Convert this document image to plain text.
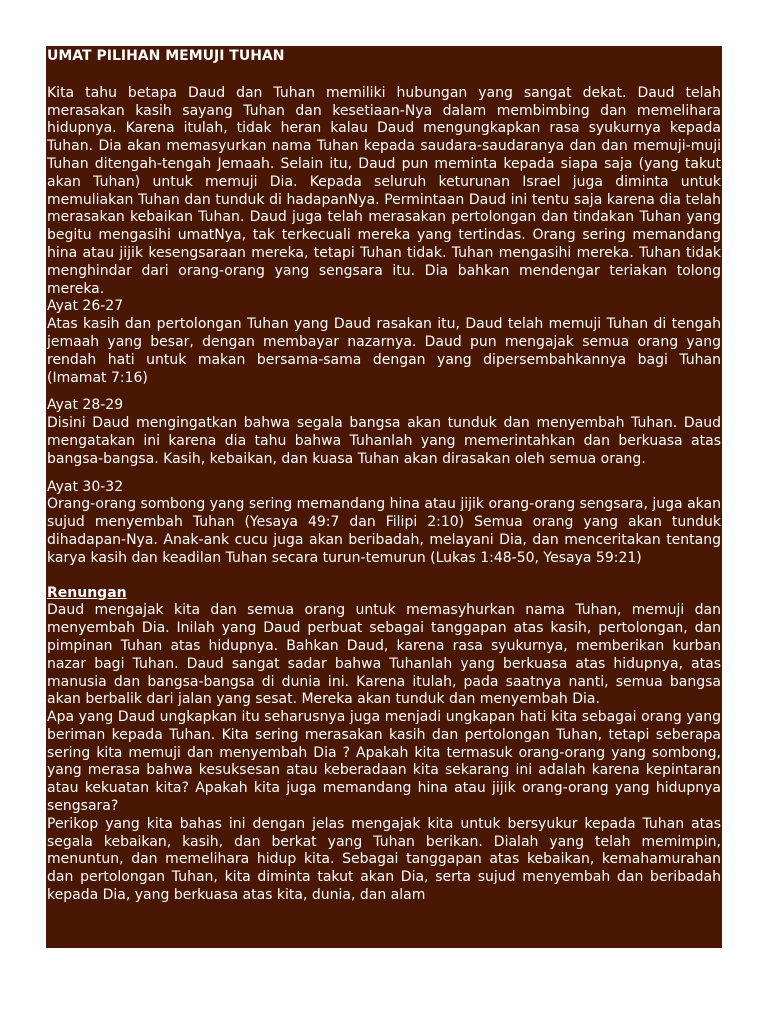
UMAT PILIHAN MEMUJI TUHAN

Kita tahu betapa Daud dan Tuhan memiliki hubungan yang sangat dekat. Daud telah merasakan kasih sayang Tuhan dan kesetiaan-Nya dalam membimbing dan memelihara hidupnya. Karena itulah, tidak heran kalau Daud mengungkapkan rasa syukurnya kepada Tuhan. Dia akan memasyurkan nama Tuhan kepada saudara-saudaranya dan dan memuji-muji Tuhan ditengah-tengah Jemaah. Selain itu, Daud pun meminta kepada siapa saja (yang takut akan Tuhan) untuk memuji Dia. Kepada seluruh keturunan Israel juga diminta untuk memuliakan Tuhan dan tunduk di hadapanNya. Permintaan Daud ini tentu saja karena dia telah merasakan kebaikan Tuhan. Daud juga telah merasakan pertolongan dan tindakan Tuhan yang begitu mengasihi umatNya, tak terkecuali mereka yang tertindas. Orang sering memandang hina atau jijik kesengsaraan mereka, tetapi Tuhan tidak. Tuhan mengasihi mereka. Tuhan tidak menghindar dari orang-orang yang sengsara itu. Dia bahkan mendengar teriakan tolong mereka.

Ayat 26-27

Atas kasih dan pertolongan Tuhan yang Daud rasakan itu, Daud telah memuji Tuhan di tengah jemaah yang besar, dengan membayar nazarnya. Daud pun mengajak semua orang yang rendah hati untuk makan bersama-sama dengan yang dipersembahkannya bagi Tuhan (Imamat 7:16)

Ayat 28-29

Disini Daud mengingatkan bahwa segala bangsa akan tunduk dan menyembah Tuhan. Daud mengatakan ini karena dia tahu bahwa Tuhanlah yang memerintahkan dan berkuasa atas bangsa-bangsa. Kasih, kebaikan, dan kuasa Tuhan akan dirasakan oleh semua orang.

Ayat 30-32

Orang-orang sombong yang sering memandang hina atau jijik orang-orang sengsara, juga akan sujud menyembah Tuhan (Yesaya 49:7 dan Filipi 2:10) Semua orang yang akan tunduk dihadapan-Nya. Anak-ank cucu juga akan beribadah, melayani Dia, dan menceritakan tentang karya kasih dan keadilan Tuhan secara turun-temurun (Lukas 1:48-50, Yesaya 59:21)

Renungan

Daud mengajak kita dan semua orang untuk memasyhurkan nama Tuhan, memuji dan menyembah Dia. Inilah yang Daud perbuat sebagai tanggapan atas kasih, pertolongan, dan pimpinan Tuhan atas hidupnya. Bahkan Daud, karena rasa syukurnya, memberikan kurban nazar bagi Tuhan. Daud sangat sadar bahwa Tuhanlah yang berkuasa atas hidupnya, atas manusia dan bangsa-bangsa di dunia ini. Karena itulah, pada saatnya nanti, semua bangsa akan berbalik dari jalan yang sesat. Mereka akan tunduk dan menyembah Dia.

Apa yang Daud ungkapkan itu seharusnya juga menjadi ungkapan hati kita sebagai orang yang beriman kepada Tuhan. Kita sering merasakan kasih dan pertolongan Tuhan, tetapi seberapa sering kita memuji dan menyembah Dia ? Apakah kita termasuk orang-orang yang sombong, yang merasa bahwa kesuksesan atau keberadaan kita sekarang ini adalah karena kepintaran atau kekuatan kita? Apakah kita juga memandang hina atau jijik orang-orang yang hidupnya sengsara?

Perikop yang kita bahas ini dengan jelas mengajak kita untuk bersyukur kepada Tuhan atas segala kebaikan, kasih, dan berkat yang Tuhan berikan. Dialah yang telah memimpin, menuntun, dan memelihara hidup kita. Sebagai tanggapan atas kebaikan, kemahamurahan dan pertolongan Tuhan, kita diminta takut akan Dia, serta sujud menyembah dan beribadah kepada Dia, yang berkuasa atas kita, dunia, dan alam
